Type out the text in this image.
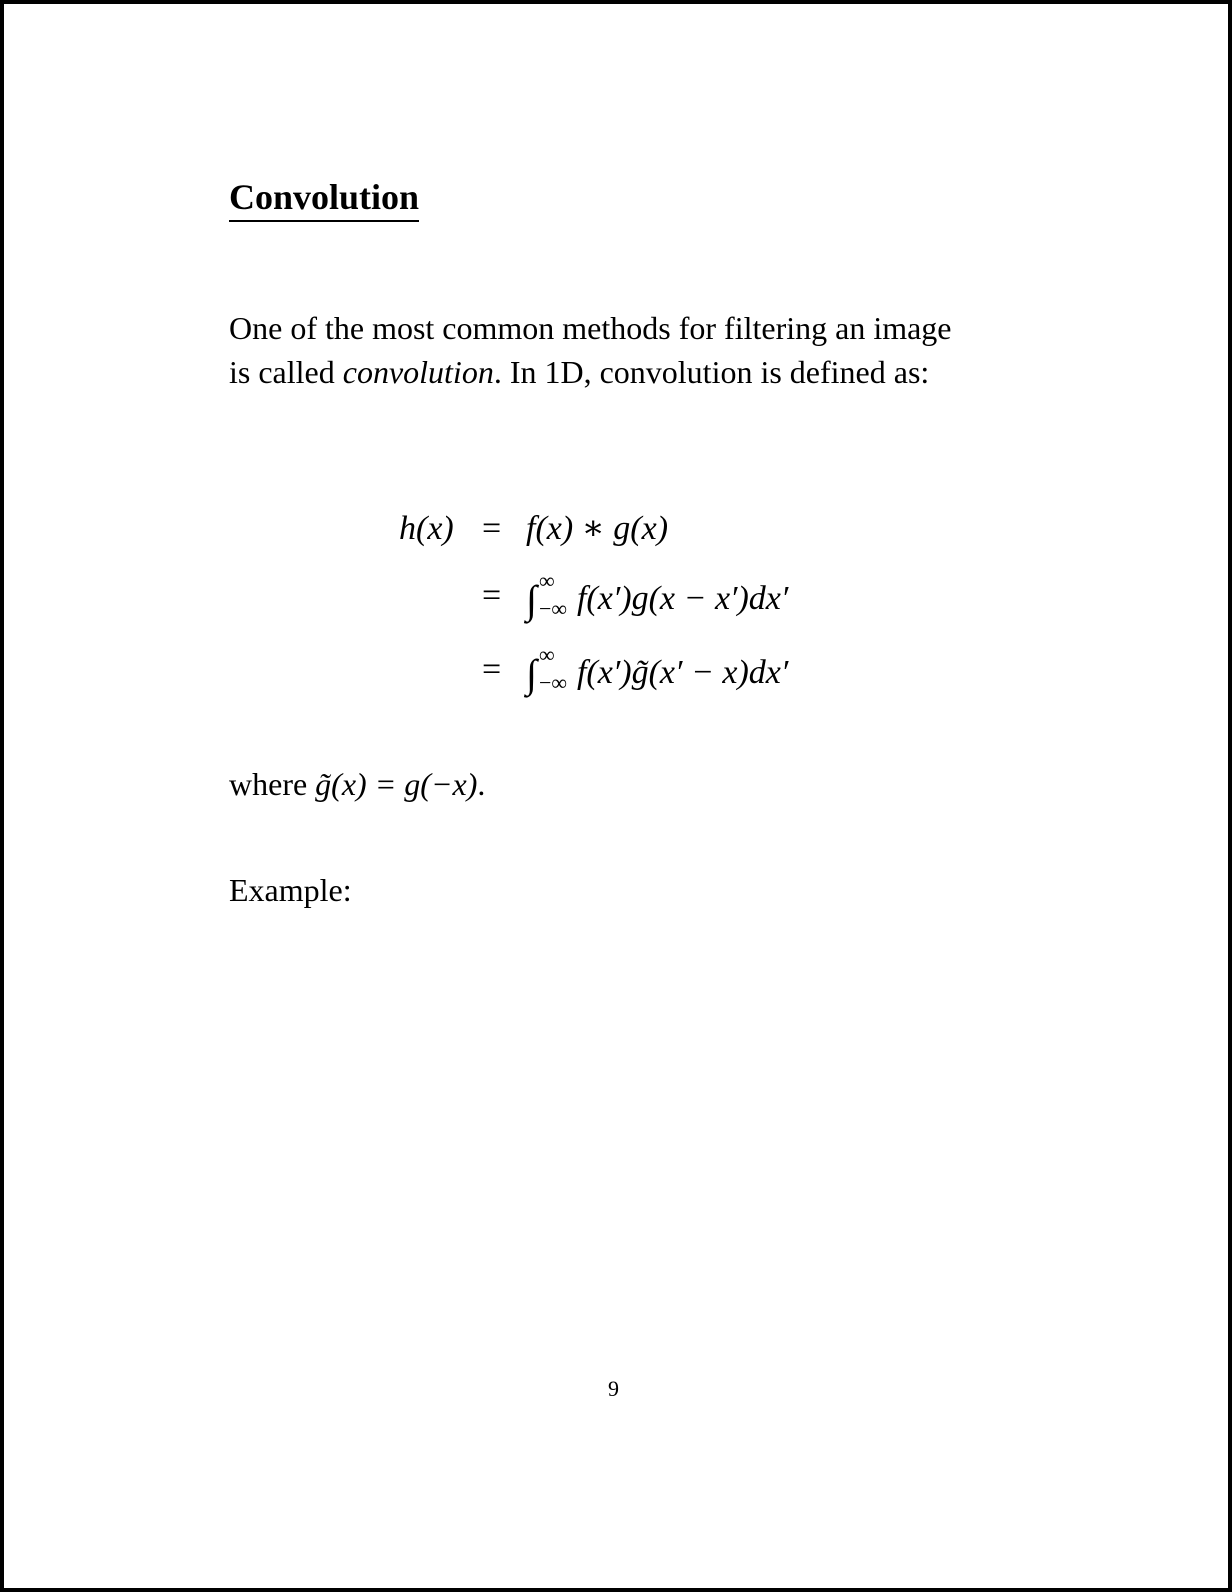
Convolution
One of the most common methods for filtering an image
is called convolution. In 1D, convolution is defined as:
h(x) = f(x) ∗ g(x)
= ∫ ∞
−∞ f(x′)g(x − x′)dx′
= ∫ ∞
−∞ f(x′)g̃(x′ − x)dx′
where g̃(x) = g(−x).
Example:
9
